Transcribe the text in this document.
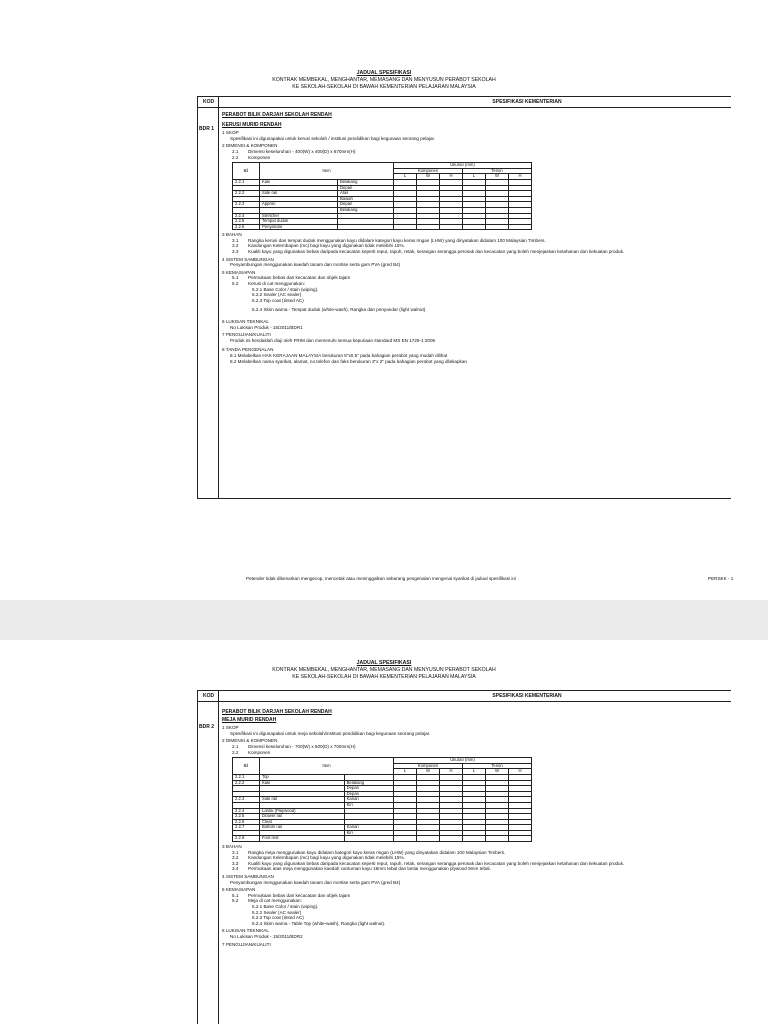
JADUAL SPESIFIKASI
KONTRAK MEMBEKAL, MENGHANTAR, MEMASANG DAN MENYUSUN PERABOT SEKOLAH
KE SEKOLAH-SEKOLAH DI BAWAH KEMENTERIAN PELAJARAN MALAYSIA
KOD	SPESIFIKASI KEMENTERIAN
BDR 1
PERABOT BILIK DARJAH SEKOLAH RENDAH
KERUSI MURID RENDAH
1 SKOP
Spesifikasi ini digunapakai untuk kerusi sekolah / institusi pendidikan bagi kegunaan seorang pelajar.
2 DIMENSI & KOMPONEN
2.1	Dimensi keseluruhan - 400(W) x 400(D) x 670mm(H)
2.2	Komponen
Bil	Item		Ukuran (mm)					
			Komponen			Tenon		
			L	W	H	L	W	H
2.2.1	Kaki	Belakang						
		Depan						
2.2.2	Side rail	Atas						
		Bawah						
2.2.3	Appron	Depan						
		Belakang						
2.2.4	Stretcher							
2.2.5	Tempat duduk							
2.2.6	Penyandar							
3 BAHAN
3.1	Rangka kerusi dan tempat duduk menggunakan kayu didalam kategori kayu keras ringan (LHW) yang dinyatakan didalam 100 Malaysian Timbers.
3.2	Kandungan Kelembapan (mc) bagi kayu yang digunakan tidak melebihi 15%.
3.3	Kualiti kayu yang digunakan bebas daripada kecacatan seperti reput, rapuh, retak, serangan serangga perosak dan kecacatan yang boleh menjejaskan ketahanan dan kekuatan produk.
4 SISTEM SAMBUNGAN
Penyambungan menggunakan kaedah tanam dan mortise serta gam PVA (gred B4)
5 KEMASIAPAN
5.1	Permukaan bebas dari kecacatan dan objek tajam
5.2	Kerusi di cat menggunakan:
5.2.1 Base Color / stain (wiping).
5.2.2 Sealer (AC sealer)
5.2.3 Top coat (tinted AC)
5.2.4 Skim warna - Tempat duduk (white-wash), Rangka dan penyandar (light walnut).
6 LUKISAN TEKNIKAL
No Lukisan Produk - 15/2011/BDR1
7 PENGUJIAN/KUALITI
Produk ini hendaklah diuji oleh FRIM dan memenuhi semua kepuriaan standard MS EN 1729-1:2006
8 TANDA PENGENALAN
8.1 Melabelkan HAK KERAJAAN MALAYSIA berukuran 8"x0.5" pada bahagian perabot yang mudah dilihat
8.2 Melabelkan nama syarikat, alamat, no.telefon dan faks berukuran 3"x 2" pada bahagian perabot yang dilekapkan
Petender tidak dibenarkan mengecop, mencetak atau meninggalkan sebarang pengenalan mengenai syarikat di jadual spesifikasi ini	PERSEK - 1
JADUAL SPESIFIKASI
KONTRAK MEMBEKAL, MENGHANTAR, MEMASANG DAN MENYUSUN PERABOT SEKOLAH
KE SEKOLAH-SEKOLAH DI BAWAH KEMENTERIAN PELAJARAN MALAYSIA
KOD	SPESIFIKASI KEMENTERIAN
BDR 2
PERABOT BILIK DARJAH SEKOLAH RENDAH
MEJA MURID RENDAH
1 SKOP
Spesifikasi ini digunapakai untuk meja sekolah/institusi pendidikan bagi kegunaan seorang pelajar.
2 DIMENSI & KOMPONEN
2.1	Dimensi keseluruhan - 700(W) x 500(D) x 700mm(H)
2.2	Komponen
Bil	Item		Ukuran (mm)					
			Komponen			Tenon		
			L	W	H	L	W	H
2.2.1	Top							
2.2.2	Kaki	Belakang						
		Depan						
		Depan						
2.2.3	Side rail	Kanan						
		Kiri						
2.2.4	Lantai (Playwood)							
2.2.5	Drawer rail							
2.2.6	Cleat							
2.2.7	Bottom rail	Kanan						
		Kiri						
2.2.8	Foot rest							
3 BAHAN
3.1	Rangka meja menggunakan kayu didalam kategori kayu keras ringan (LHW) yang dinyatakan didalam 100 Malaysian Timbers.
3.2	Kandungan Kelembapan (mc) bagi kayu yang digunakan tidak melebihi 15%.
3.3	Kualiti kayu yang digunakan bebas daripada kecacatan seperti reput, rapuh, retak, serangan serangga perosak dan kecacatan yang boleh menjejaskan ketahanan dan kekuatan produk.
3.4	Permukaan atas meja menggunakan kaedah cantuman kayu 18mm tebal dan lantai menggunakan plywood 9mm tebal.
4 SISTEM SAMBUNGAN
Penyambungan menggunakan kaedah tanam dan mortise serta gam PVA (gred B4)
5 KEMASIAPAN
5.1	Permukaan bebas dari kecacatan dan objek tajam
5.2	Meja di cat menggunakan:
5.2.1 Base Color / stain (wiping).
5.2.2 Sealer (AC sealer)
5.2.3 Top coat (tinted AC)
5.2.4 Skim warna - Table Top (white-wash), Rangka (light walnut).
6 LUKISAN TEKNIKAL
No Lukisan Produk - 15/2011/BDR2
7 PENGUJIAN/KUALITI
